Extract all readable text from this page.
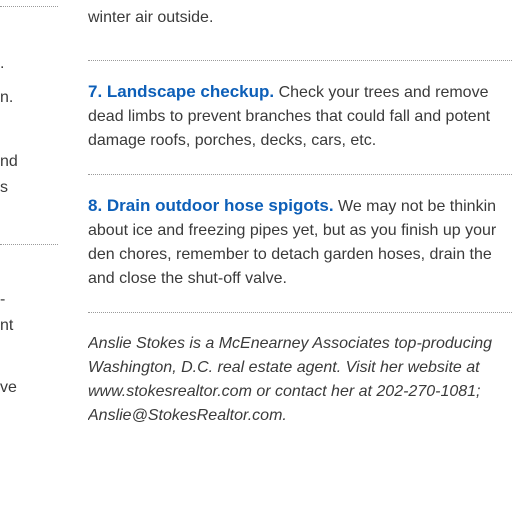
.
n.
nd
s
-
nt
ve
winter air outside.
7. Landscape checkup. Check your trees and remove
dead limbs to prevent branches that could fall and potent
damage roofs, porches, decks, cars, etc.
8. Drain outdoor hose spigots. We may not be thinkin
about ice and freezing pipes yet, but as you finish up your
den chores, remember to detach garden hoses, drain the
and close the shut-off valve.
Anslie Stokes is a McEnearney Associates top-producing
Washington, D.C. real estate agent. Visit her website at
www.stokesrealtor.com or contact her at 202-270-1081;
Anslie@StokesRealtor.com.
